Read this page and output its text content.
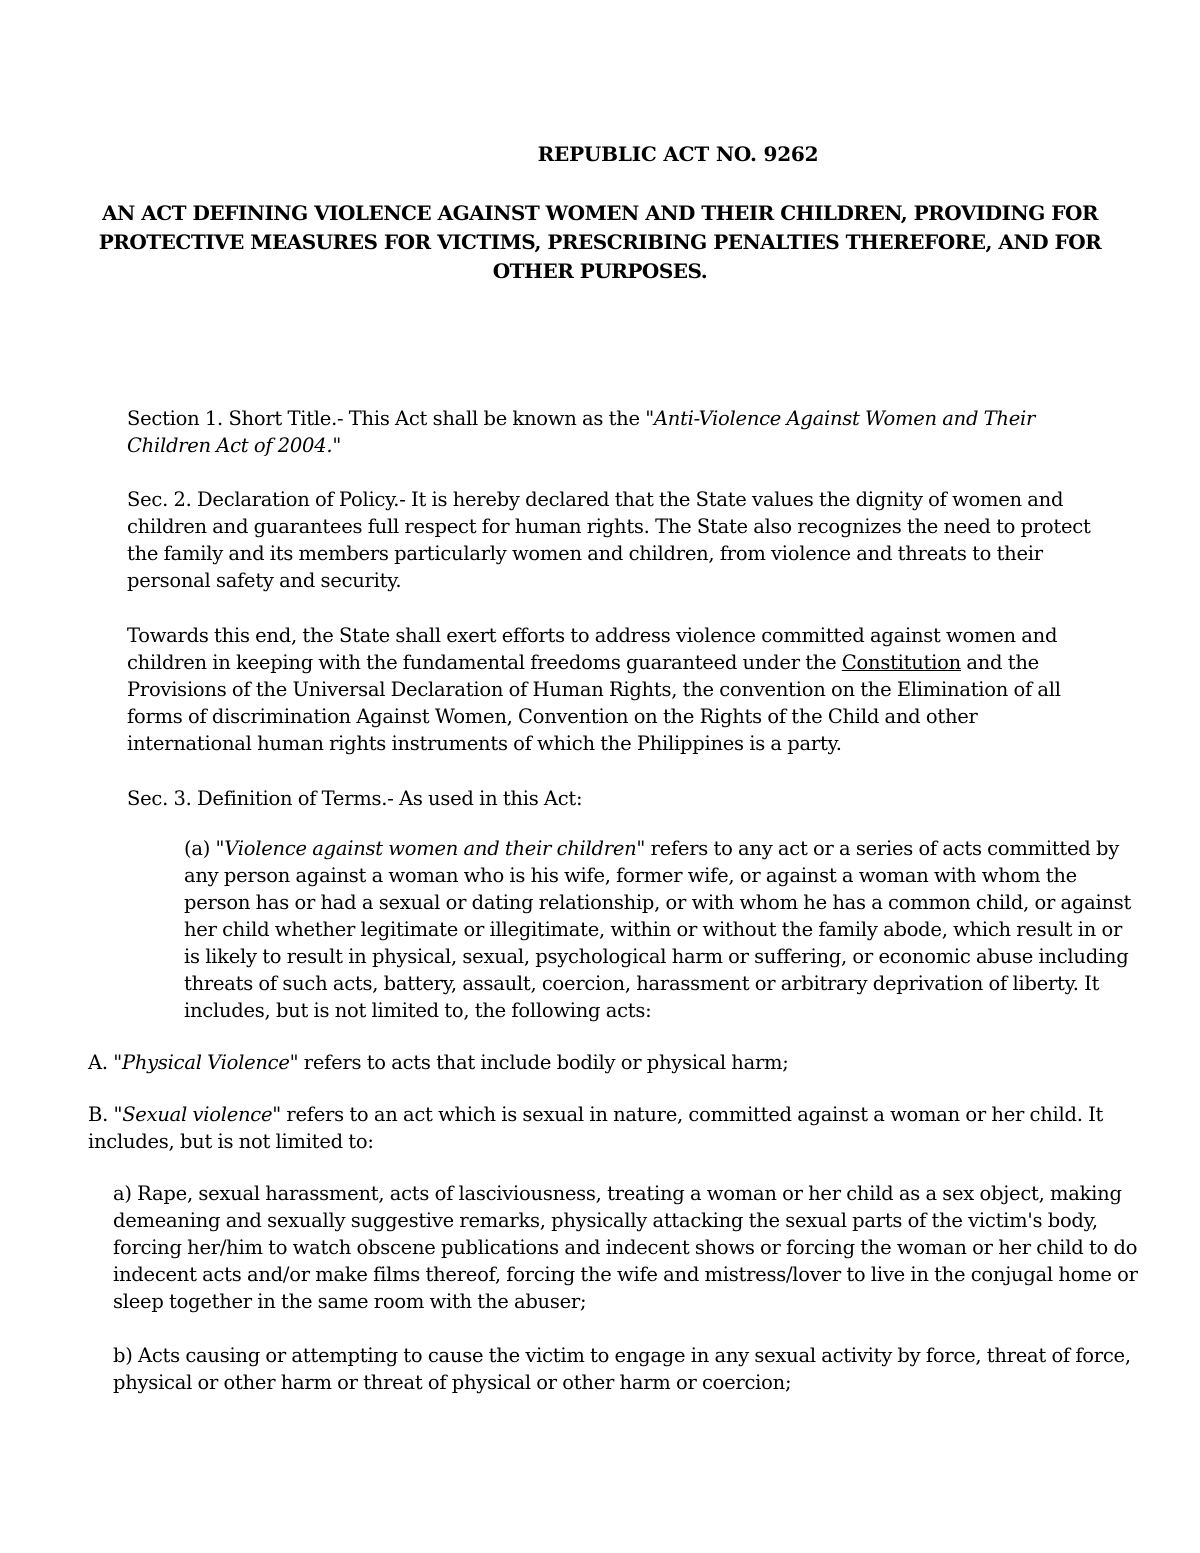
REPUBLIC ACT NO. 9262
AN ACT DEFINING VIOLENCE AGAINST WOMEN AND THEIR CHILDREN, PROVIDING FOR PROTECTIVE MEASURES FOR VICTIMS, PRESCRIBING PENALTIES THEREFORE, AND FOR OTHER PURPOSES.

Section 1. Short Title.- This Act shall be known as the "Anti-Violence Against Women and Their Children Act of 2004."

Sec. 2. Declaration of Policy.- It is hereby declared that the State values the dignity of women and children and guarantees full respect for human rights. The State also recognizes the need to protect the family and its members particularly women and children, from violence and threats to their personal safety and security.

Towards this end, the State shall exert efforts to address violence committed against women and children in keeping with the fundamental freedoms guaranteed under the Constitution and the Provisions of the Universal Declaration of Human Rights, the convention on the Elimination of all forms of discrimination Against Women, Convention on the Rights of the Child and other international human rights instruments of which the Philippines is a party.

Sec. 3. Definition of Terms.- As used in this Act:

(a) "Violence against women and their children" refers to any act or a series of acts committed by any person against a woman who is his wife, former wife, or against a woman with whom the person has or had a sexual or dating relationship, or with whom he has a common child, or against her child whether legitimate or illegitimate, within or without the family abode, which result in or is likely to result in physical, sexual, psychological harm or suffering, or economic abuse including threats of such acts, battery, assault, coercion, harassment or arbitrary deprivation of liberty. It includes, but is not limited to, the following acts:

A. "Physical Violence" refers to acts that include bodily or physical harm;

B. "Sexual violence" refers to an act which is sexual in nature, committed against a woman or her child. It includes, but is not limited to:

a) Rape, sexual harassment, acts of lasciviousness, treating a woman or her child as a sex object, making demeaning and sexually suggestive remarks, physically attacking the sexual parts of the victim's body, forcing her/him to watch obscene publications and indecent shows or forcing the woman or her child to do indecent acts and/or make films thereof, forcing the wife and mistress/lover to live in the conjugal home or sleep together in the same room with the abuser;

b) Acts causing or attempting to cause the victim to engage in any sexual activity by force, threat of force, physical or other harm or threat of physical or other harm or coercion;
